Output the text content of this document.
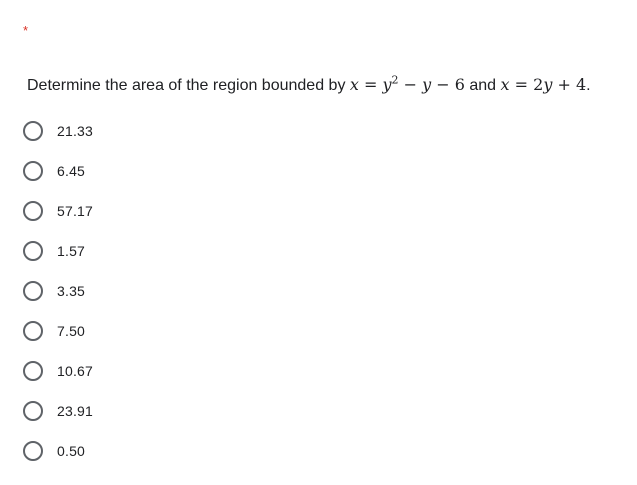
*
Determine the area of the region bounded by $x = y^2 - y - 6$ and x = 2y + 4.
21.33
6.45
57.17
1.57
3.35
7.50
10.67
23.91
0.50
